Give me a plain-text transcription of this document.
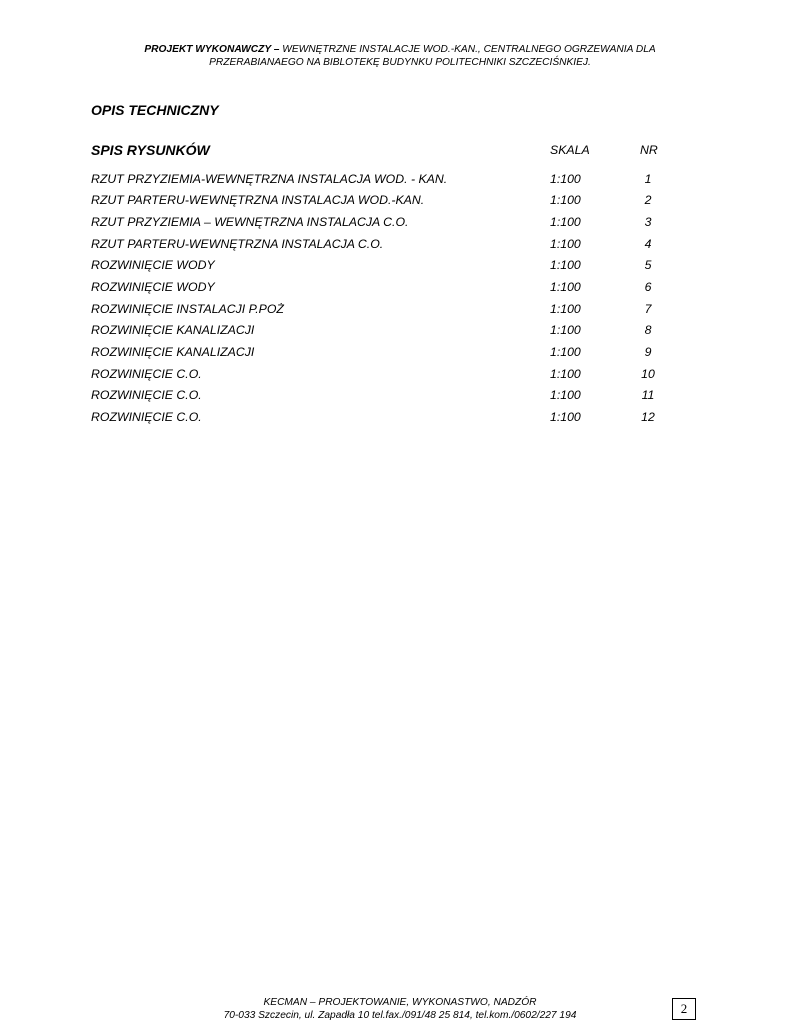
PROJEKT WYKONAWCZY – WEWNĘTRZNE INSTALACJE WOD.-KAN., CENTRALNEGO OGRZEWANIA DLA
PRZERABIANAEGO NA BIBLOTEKĘ BUDYNKU POLITECHNIKI SZCZECIŚNKIEJ.
OPIS TECHNICZNY
SPIS RYSUNKÓW	SKALA	NR
RZUT PRZYZIEMIA-WEWNĘTRZNA INSTALACJA WOD. - KAN.	1:100	1
RZUT PARTERU-WEWNĘTRZNA INSTALACJA WOD.-KAN.	1:100	2
RZUT PRZYZIEMIA – WEWNĘTRZNA INSTALACJA C.O.	1:100	3
RZUT PARTERU-WEWNĘTRZNA INSTALACJA C.O.	1:100	4
ROZWINIĘCIE WODY	1:100	5
ROZWINIĘCIE WODY	1:100	6
ROZWINIĘCIE INSTALACJI P.POŻ	1:100	7
ROZWINIĘCIE KANALIZACJI	1:100	8
ROZWINIĘCIE KANALIZACJI	1:100	9
ROZWINIĘCIE C.O.	1:100	10
ROZWINIĘCIE C.O.	1:100	11
ROZWINIĘCIE C.O.	1:100	12
KECMAN – PROJEKTOWANIE, WYKONASTWO, NADZÓR
70-033 Szczecin, ul. Zapadła 10 tel.fax./091/48 25 814, tel.kom./0602/227 194	2
